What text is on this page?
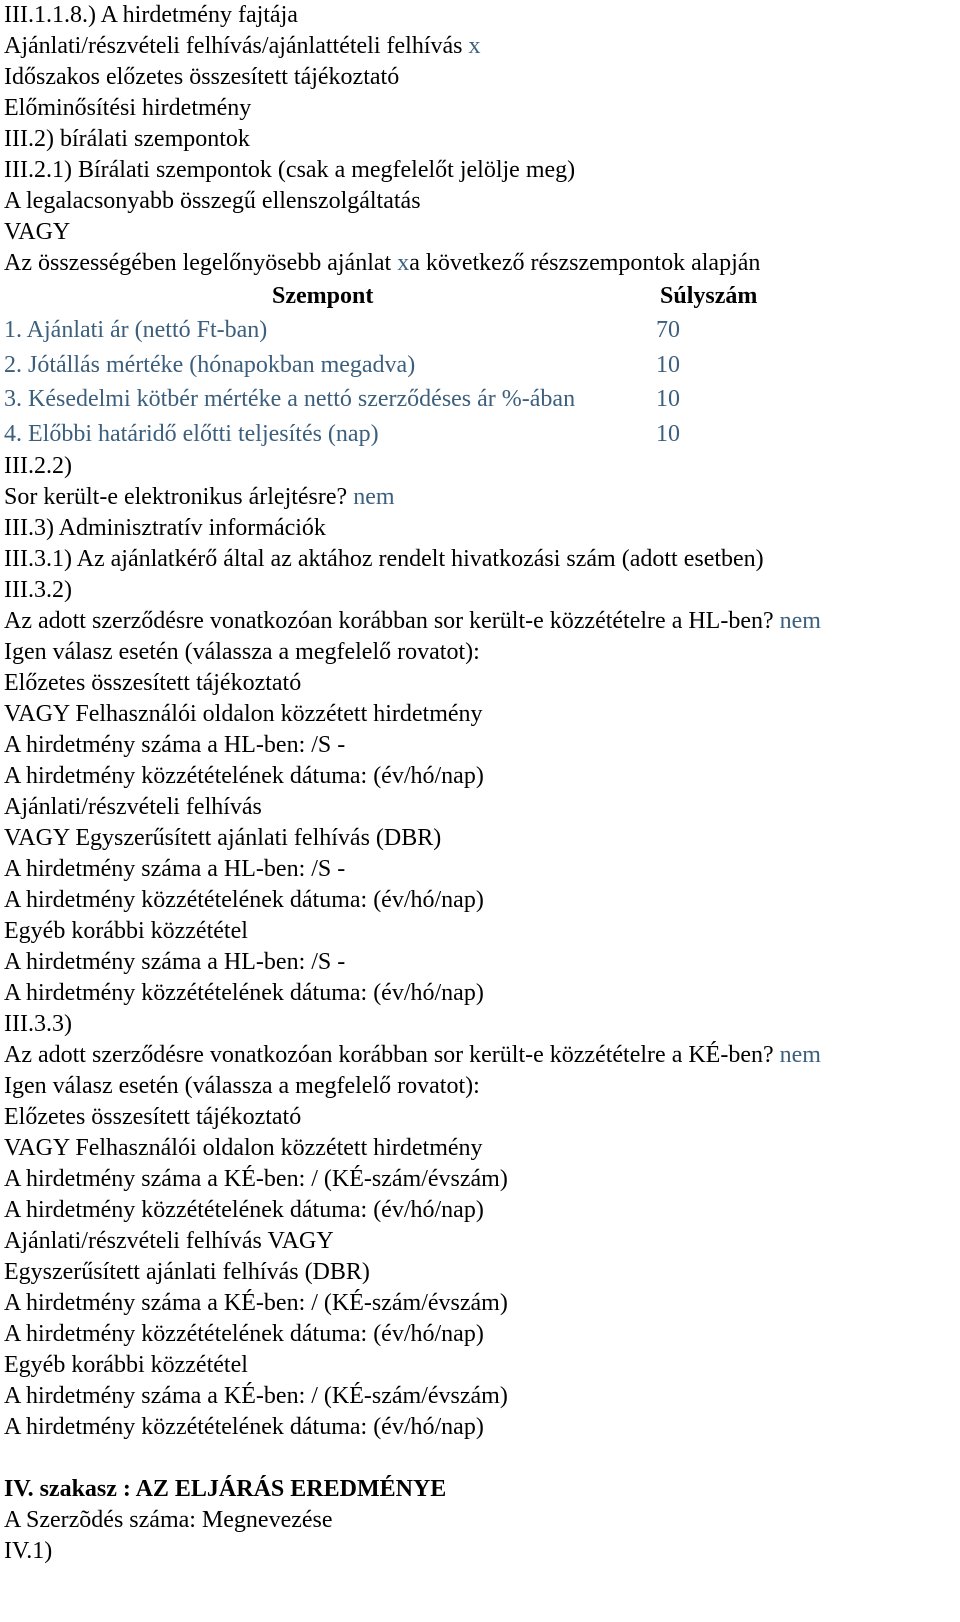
III.1.1.8.) A hirdetmény fajtája
Ajánlati/részvételi felhívás/ajánlattételi felhívás x
Időszakos előzetes összesített tájékoztató
Előminősítési hirdetmény
III.2) bírálati szempontok
III.2.1) Bírálati szempontok (csak a megfelelőt jelölje meg)
A legalacsonyabb összegű ellenszolgáltatás
VAGY
Az összességében legelőnyösebb ajánlat xa következő részszempontok alapján
Szempont	Súlyszám
1. Ajánlati ár (nettó Ft-ban)	70
2. Jótállás mértéke (hónapokban megadva)	10
3. Késedelmi kötbér mértéke a nettó szerződéses ár %-ában	10
4. Előbbi határidő előtti teljesítés (nap)	10
III.2.2)
Sor került-e elektronikus árlejtésre? nem
III.3) Adminisztratív információk
III.3.1) Az ajánlatkérő által az aktához rendelt hivatkozási szám (adott esetben)
III.3.2)
Az adott szerződésre vonatkozóan korábban sor került-e közzétételre a HL-ben? nem
Igen válasz esetén (válassza a megfelelő rovatot):
Előzetes összesített tájékoztató
VAGY Felhasználói oldalon közzétett hirdetmény
A hirdetmény száma a HL-ben: /S -
A hirdetmény közzétételének dátuma: (év/hó/nap)
Ajánlati/részvételi felhívás
VAGY Egyszerűsített ajánlati felhívás (DBR)
A hirdetmény száma a HL-ben: /S -
A hirdetmény közzétételének dátuma: (év/hó/nap)
Egyéb korábbi közzététel
A hirdetmény száma a HL-ben: /S -
A hirdetmény közzétételének dátuma: (év/hó/nap)
III.3.3)
Az adott szerződésre vonatkozóan korábban sor került-e közzétételre a KÉ-ben? nem
Igen válasz esetén (válassza a megfelelő rovatot):
Előzetes összesített tájékoztató
VAGY Felhasználói oldalon közzétett hirdetmény
A hirdetmény száma a KÉ-ben: / (KÉ-szám/évszám)
A hirdetmény közzétételének dátuma: (év/hó/nap)
Ajánlati/részvételi felhívás VAGY
Egyszerűsített ajánlati felhívás (DBR)
A hirdetmény száma a KÉ-ben: / (KÉ-szám/évszám)
A hirdetmény közzétételének dátuma: (év/hó/nap)
Egyéb korábbi közzététel
A hirdetmény száma a KÉ-ben: / (KÉ-szám/évszám)
A hirdetmény közzétételének dátuma: (év/hó/nap)
IV. szakasz : AZ ELJÁRÁS EREDMÉNYE
A Szerzõdés száma: Megnevezése
IV.1)
